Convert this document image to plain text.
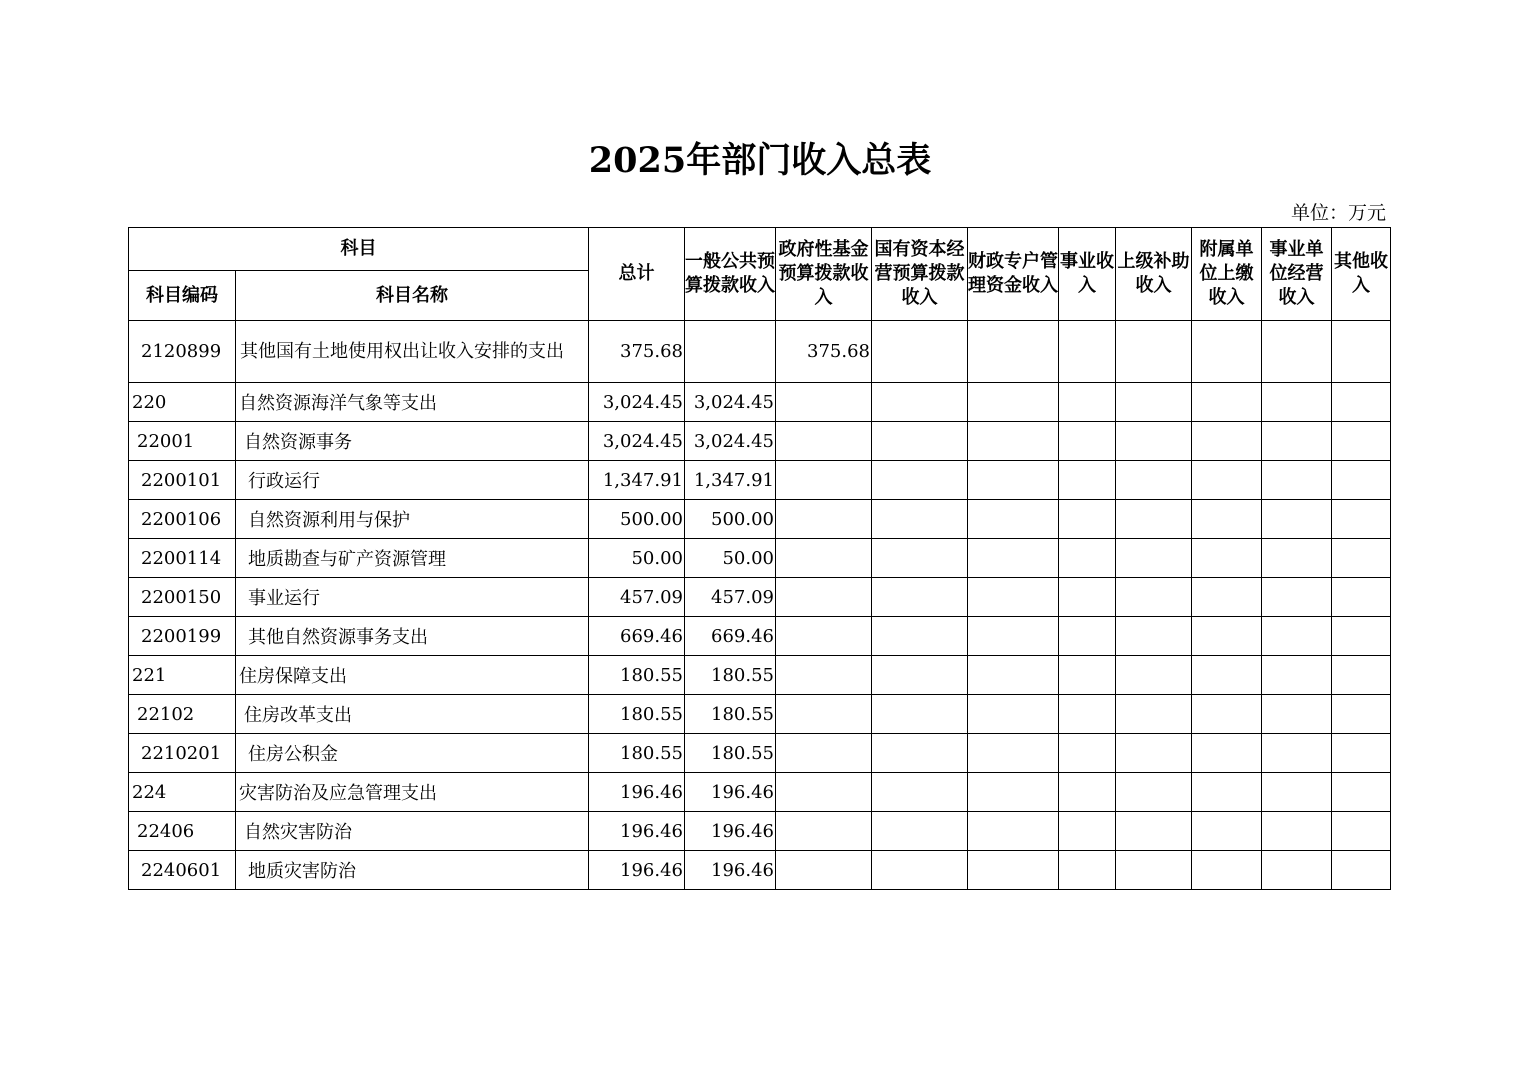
2025年部门收入总表
单位：万元
科目		总计	一般公共预算拨款收入	政府性基金预算拨款收入	国有资本经营预算拨款收入	财政专户管理资金收入	事业收入	上级补助收入	附属单位上缴收入	事业单位经营收入	其他收入
科目编码	科目名称										
2120899	其他国有土地使用权出让收入安排的支出	375.68		375.68							
220	自然资源海洋气象等支出	3,024.45	3,024.45								
22001	自然资源事务	3,024.45	3,024.45								
2200101	行政运行	1,347.91	1,347.91								
2200106	自然资源利用与保护	500.00	500.00								
2200114	地质勘查与矿产资源管理	50.00	50.00								
2200150	事业运行	457.09	457.09								
2200199	其他自然资源事务支出	669.46	669.46								
221	住房保障支出	180.55	180.55								
22102	住房改革支出	180.55	180.55								
2210201	住房公积金	180.55	180.55								
224	灾害防治及应急管理支出	196.46	196.46								
22406	自然灾害防治	196.46	196.46								
2240601	地质灾害防治	196.46	196.46								
